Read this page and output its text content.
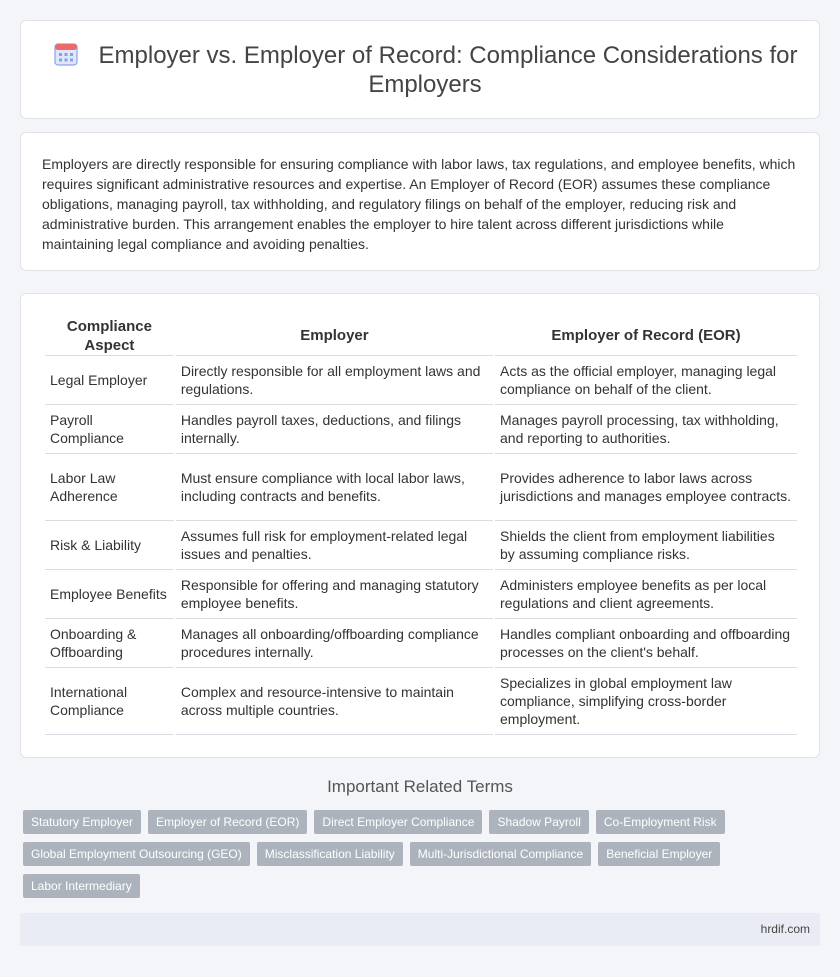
Employer vs. Employer of Record: Compliance Considerations for Employers

Employers are directly responsible for ensuring compliance with labor laws, tax regulations, and employee benefits, which requires significant administrative resources and expertise. An Employer of Record (EOR) assumes these compliance obligations, managing payroll, tax withholding, and regulatory filings on behalf of the employer, reducing risk and administrative burden. This arrangement enables the employer to hire talent across different jurisdictions while maintaining legal compliance and avoiding penalties.

Compliance Aspect	Employer	Employer of Record (EOR)
Legal Employer	Directly responsible for all employment laws and regulations.	Acts as the official employer, managing legal compliance on behalf of the client.
Payroll Compliance	Handles payroll taxes, deductions, and filings internally.	Manages payroll processing, tax withholding, and reporting to authorities.
Labor Law Adherence	Must ensure compliance with local labor laws, including contracts and benefits.	Provides adherence to labor laws across jurisdictions and manages employee contracts.
Risk & Liability	Assumes full risk for employment-related legal issues and penalties.	Shields the client from employment liabilities by assuming compliance risks.
Employee Benefits	Responsible for offering and managing statutory employee benefits.	Administers employee benefits as per local regulations and client agreements.
Onboarding & Offboarding	Manages all onboarding/offboarding compliance procedures internally.	Handles compliant onboarding and offboarding processes on the client's behalf.
International Compliance	Complex and resource-intensive to maintain across multiple countries.	Specializes in global employment law compliance, simplifying cross-border employment.
Important Related Terms
Statutory Employer	Employer of Record (EOR)	Direct Employer Compliance	Shadow Payroll	Co-Employment Risk
Global Employment Outsourcing (GEO)	Misclassification Liability	Multi-Jurisdictional Compliance	Beneficial Employer
Labor Intermediary
hrdif.com
